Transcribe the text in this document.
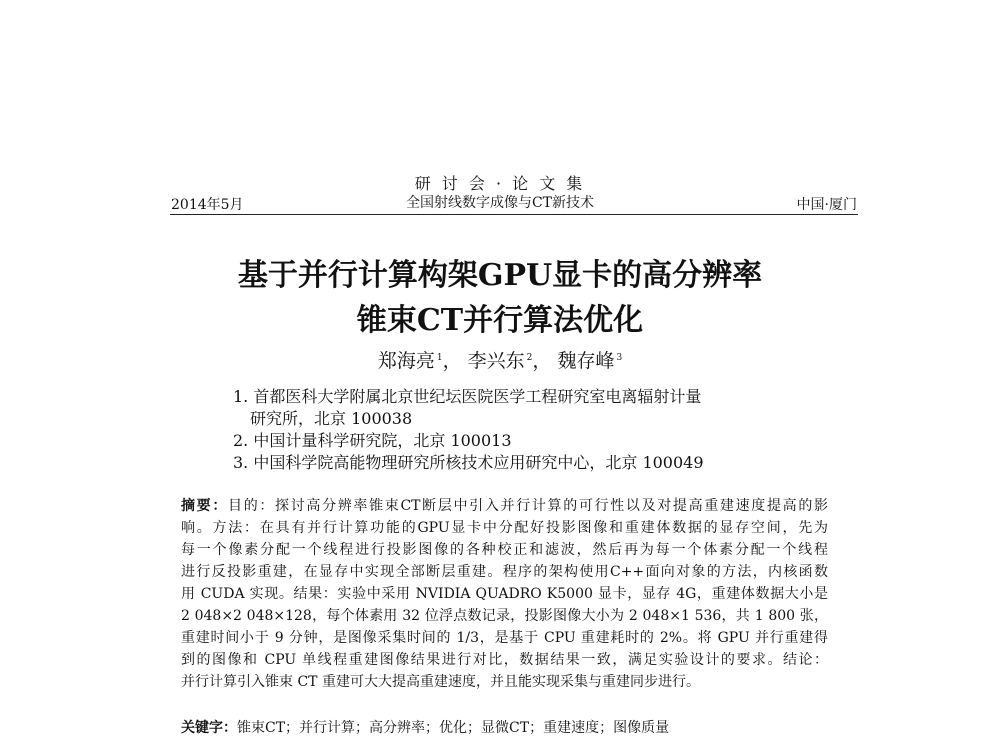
研 讨 会 · 论 文 集
全国射线数字成像与CT新技术
2014年5月	中国·厦门
基于并行计算构架GPU显卡的高分辨率
锥束CT并行算法优化
郑海亮 $^1$， 李兴东 $^2$， 魏存峰 $^3$
1. 首都医科大学附属北京世纪坛医院医学工程研究室电离辐射计量
研究所，北京 100038
2. 中国计量科学研究院，北京 100013
3. 中国科学院高能物理研究所核技术应用研究中心，北京 100049
摘要：目的：探讨高分辨率锥束CT断层中引入并行计算的可行性以及对提高重建速度提高的影
响。方法：在具有并行计算功能的GPU显卡中分配好投影图像和重建体数据的显存空间，先为
每一个像素分配一个线程进行投影图像的各种校正和滤波，然后再为每一个体素分配一个线程
进行反投影重建，在显存中实现全部断层重建。程序的架构使用C++面向对象的方法，内核函数
用 CUDA 实现。结果：实验中采用 NVIDIA QUADRO K5000 显卡，显存 4G，重建体数据大小是
2 048×2 048×128，每个体素用 32 位浮点数记录，投影图像大小为 2 048×1 536，共 1 800 张，
重建时间小于 9 分钟，是图像采集时间的 1/3，是基于 CPU 重建耗时的 2%。将 GPU 并行重建得
到的图像和 CPU 单线程重建图像结果进行对比，数据结果一致，满足实验设计的要求。结论：
并行计算引入锥束 CT 重建可大大提高重建速度，并且能实现采集与重建同步进行。
关键字：锥束CT；并行计算；高分辨率；优化；显微CT；重建速度；图像质量
